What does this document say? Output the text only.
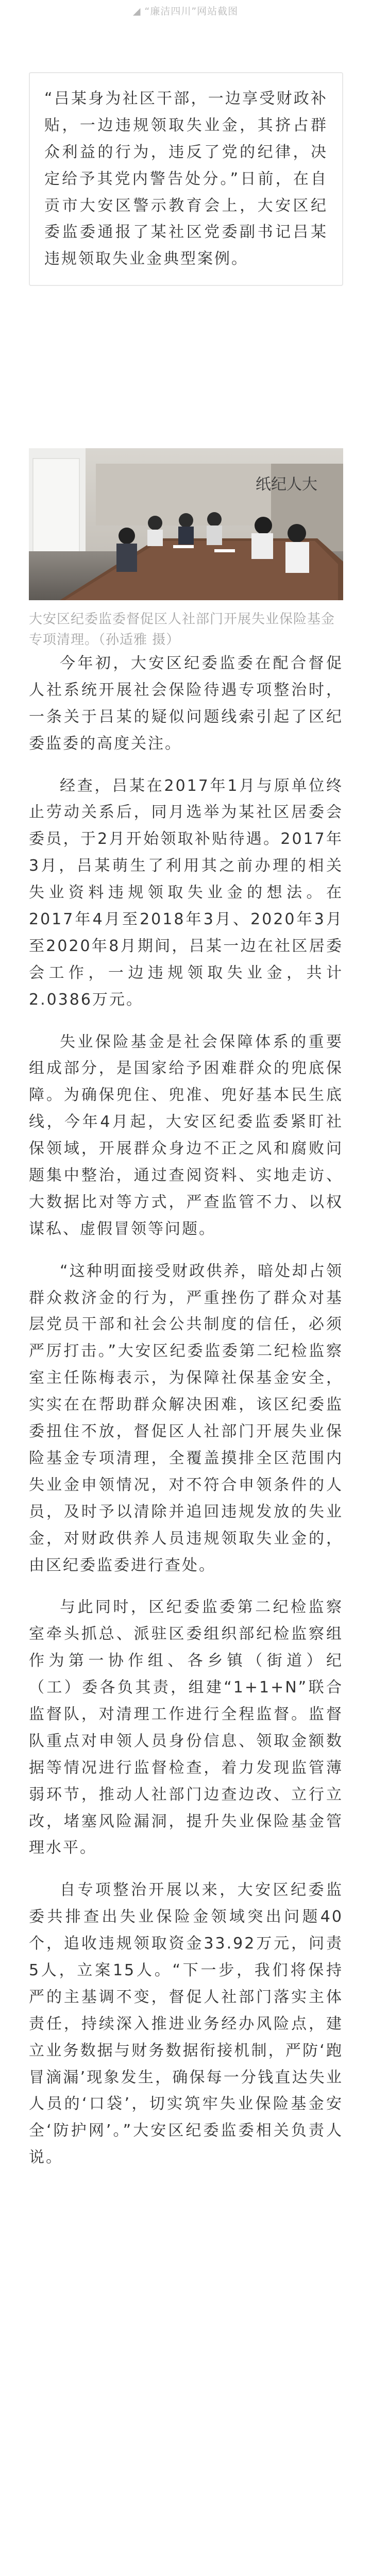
◢ “廉洁四川”网站截图
“吕某身为社区干部，一边享受财政补贴，一边违规领取失业金，其挤占群众利益的行为，违反了党的纪律，决定给予其党内警告处分。”日前，在自贡市大安区警示教育会上，大安区纪委监委通报了某社区党委副书记吕某违规领取失业金典型案例。
纸纪人大
大安区纪委监委督促区人社部门开展失业保险基金专项清理。（孙适雅 摄）

今年初，大安区纪委监委在配合督促人社系统开展社会保险待遇专项整治时，一条关于吕某的疑似问题线索引起了区纪委监委的高度关注。

经查，吕某在2017年1月与原单位终止劳动关系后，同月选举为某社区居委会委员，于2月开始领取补贴待遇。2017年3月，吕某萌生了利用其之前办理的相关失业资料违规领取失业金的想法。在2017年4月至2018年3月、2020年3月至2020年8月期间，吕某一边在社区居委会工作，一边违规领取失业金，共计2.0386万元。

失业保险基金是社会保障体系的重要组成部分，是国家给予困难群众的兜底保障。为确保兜住、兜准、兜好基本民生底线，今年4月起，大安区纪委监委紧盯社保领域，开展群众身边不正之风和腐败问题集中整治，通过查阅资料、实地走访、大数据比对等方式，严查监管不力、以权谋私、虚假冒领等问题。

“这种明面接受财政供养，暗处却占领群众救济金的行为，严重挫伤了群众对基层党员干部和社会公共制度的信任，必须严厉打击。”大安区纪委监委第二纪检监察室主任陈梅表示，为保障社保基金安全，实实在在帮助群众解决困难，该区纪委监委扭住不放，督促区人社部门开展失业保险基金专项清理，全覆盖摸排全区范围内失业金申领情况，对不符合申领条件的人员，及时予以清除并追回违规发放的失业金，对财政供养人员违规领取失业金的，由区纪委监委进行查处。

与此同时，区纪委监委第二纪检监察室牵头抓总、派驻区委组织部纪检监察组作为第一协作组、各乡镇（街道）纪（工）委各负其责，组建“1+1+N”联合监督队，对清理工作进行全程监督。监督队重点对申领人员身份信息、领取金额数据等情况进行监督检查，着力发现监管薄弱环节，推动人社部门边查边改、立行立改，堵塞风险漏洞，提升失业保险基金管理水平。

自专项整治开展以来，大安区纪委监委共排查出失业保险金领域突出问题40个，追收违规领取资金33.92万元，问责5人，立案15人。“下一步，我们将保持严的主基调不变，督促人社部门落实主体责任，持续深入推进业务经办风险点，建立业务数据与财务数据衔接机制，严防‘跑冒滴漏’现象发生，确保每一分钱直达失业人员的‘口袋’，切实筑牢失业保险基金安全‘防护网’。”大安区纪委监委相关负责人说。
